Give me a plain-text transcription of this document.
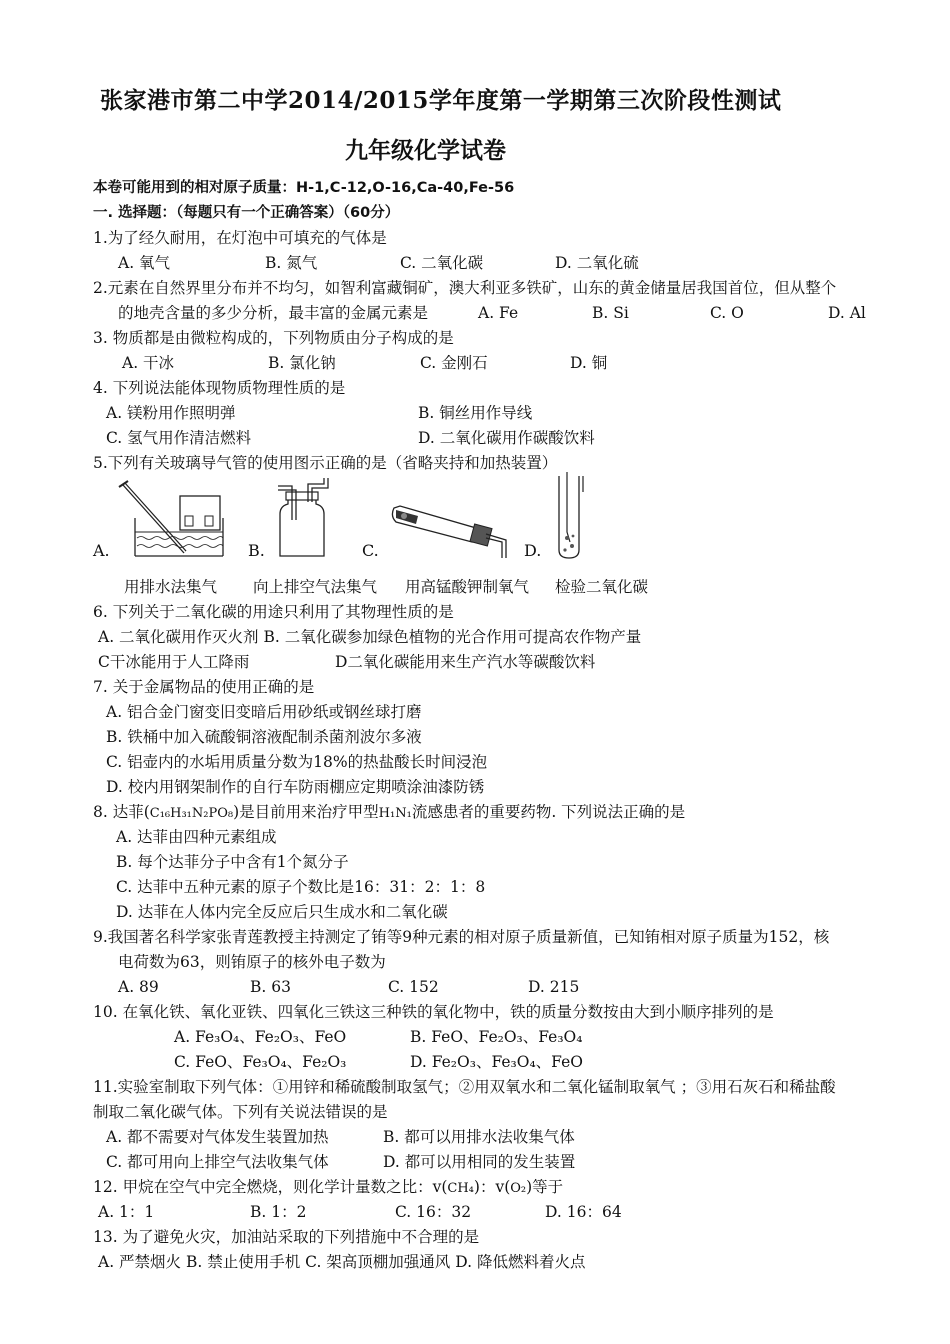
张家港市第二中学2014/2015学年度第一学期第三次阶段性测试
九年级化学试卷
本卷可能用到的相对原子质量：H-1,C-12,O-16,Ca-40,Fe-56
一. 选择题：（每题只有一个正确答案）（60分）
1.为了经久耐用，在灯泡中可填充的气体是
A. 氧气	B. 氮气	C. 二氧化碳	D. 二氧化硫
2.元素在自然界里分布并不均匀，如智利富藏铜矿，澳大利亚多铁矿，山东的黄金储量居我国首位，但从整个
的地壳含量的多少分析，最丰富的金属元素是	A. Fe	B. Si	C. O	D. Al
3. 物质都是由微粒构成的，下列物质由分子构成的是
A. 干冰	B. 氯化钠	C. 金刚石	D. 铜
4. 下列说法能体现物质物理性质的是
A. 镁粉用作照明弹	B. 铜丝用作导线
C. 氢气用作清洁燃料	D. 二氧化碳用作碳酸饮料
5.下列有关玻璃导气管的使用图示正确的是（省略夹持和加热装置）
A.	B.	C.	D.
用排水法集气 向上排空气法集气 用高锰酸钾制氧气 检验二氧化碳
6. 下列关于二氧化碳的用途只利用了其物理性质的是
A. 二氧化碳用作灭火剂 B. 二氧化碳参加绿色植物的光合作用可提高农作物产量
C干冰能用于人工降雨	D二氧化碳能用来生产汽水等碳酸饮料
7. 关于金属物品的使用正确的是
A. 铝合金门窗变旧变暗后用砂纸或钢丝球打磨
B. 铁桶中加入硫酸铜溶液配制杀菌剂波尔多液
C. 铝壶内的水垢用质量分数为18%的热盐酸长时间浸泡
D. 校内用钢架制作的自行车防雨棚应定期喷涂油漆防锈
8. 达菲(C₁₆H₃₁N₂PO₈)是目前用来治疗甲型H₁N₁流感患者的重要药物. 下列说法正确的是
A. 达菲由四种元素组成
B. 每个达菲分子中含有1个氮分子
C. 达菲中五种元素的原子个数比是16：31：2：1：8
D. 达菲在人体内完全反应后只生成水和二氧化碳
9.我国著名科学家张青莲教授主持测定了铕等9种元素的相对原子质量新值，已知铕相对原子质量为152，核
电荷数为63，则铕原子的核外电子数为
A. 89	B. 63	C. 152	D. 215
10. 在氧化铁、氧化亚铁、四氧化三铁这三种铁的氧化物中，铁的质量分数按由大到小顺序排列的是
A. Fe₃O₄、Fe₂O₃、FeO	B. FeO、Fe₂O₃、Fe₃O₄
C. FeO、Fe₃O₄、Fe₂O₃	D. Fe₂O₃、Fe₃O₄、FeO
11.实验室制取下列气体：①用锌和稀硫酸制取氢气；②用双氧水和二氧化锰制取氧气 ；③用石灰石和稀盐酸
制取二氧化碳气体。下列有关说法错误的是
A. 都不需要对气体发生装置加热	B. 都可以用排水法收集气体
C. 都可用向上排空气法收集气体	D. 都可以用相同的发生装置
12. 甲烷在空气中完全燃烧，则化学计量数之比：v(CH₄)：v(O₂)等于
A. 1：1	B. 1：2	C. 16：32	D. 16：64
13. 为了避免火灾，加油站采取的下列措施中不合理的是
A. 严禁烟火 B. 禁止使用手机 C. 架高顶棚加强通风 D. 降低燃料着火点
